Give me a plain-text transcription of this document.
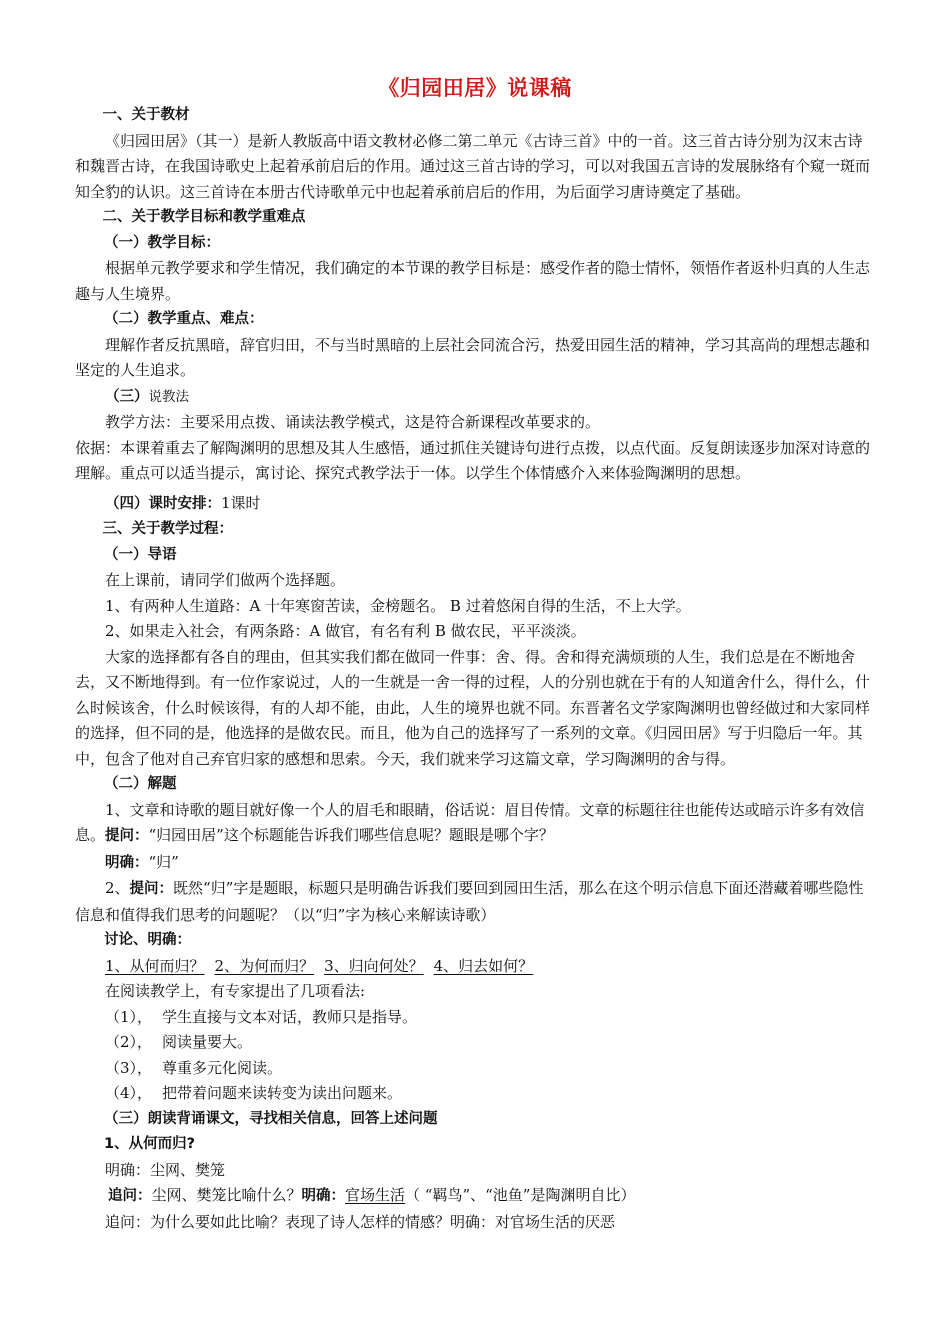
《归园田居》说课稿

一、关于教材

《归园田居》（其一）是新人教版高中语文教材必修二第二单元《古诗三首》中的一首。这三首古诗分别为汉末古诗和魏晋古诗，在我国诗歌史上起着承前启后的作用。通过这三首古诗的学习，可以对我国五言诗的发展脉络有个窥一斑而知全豹的认识。这三首诗在本册古代诗歌单元中也起着承前启后的作用，为后面学习唐诗奠定了基础。

二、关于教学目标和教学重难点

（一）教学目标：

根据单元教学要求和学生情况，我们确定的本节课的教学目标是：感受作者的隐士情怀，领悟作者返朴归真的人生志趣与人生境界。

（二）教学重点、难点：

理解作者反抗黑暗，辞官归田，不与当时黑暗的上层社会同流合污，热爱田园生活的精神，学习其高尚的理想志趣和坚定的人生追求。

（三）说教法

教学方法：主要采用点拨、诵读法教学模式，这是符合新课程改革要求的。

依据：本课着重去了解陶渊明的思想及其人生感悟，通过抓住关键诗句进行点拨，以点代面。反复朗读逐步加深对诗意的理解。重点可以适当提示，寓讨论、探究式教学法于一体。以学生个体情感介入来体验陶渊明的思想。

（四）课时安排：1课时

三、关于教学过程：

（一）导语

在上课前，请同学们做两个选择题。

1、有两种人生道路：A 十年寒窗苦读，金榜题名。 B 过着悠闲自得的生活，不上大学。

2、如果走入社会，有两条路：A 做官，有名有利 B 做农民，平平淡淡。

大家的选择都有各自的理由，但其实我们都在做同一件事：舍、得。舍和得充满烦琐的人生，我们总是在不断地舍去，又不断地得到。有一位作家说过，人的一生就是一舍一得的过程，人的分别也就在于有的人知道舍什么，得什么，什么时候该舍，什么时候该得，有的人却不能，由此，人生的境界也就不同。东晋著名文学家陶渊明也曾经做过和大家同样的选择，但不同的是，他选择的是做农民。而且，他为自己的选择写了一系列的文章。《归园田居》写于归隐后一年。其中，包含了他对自己弃官归家的感想和思索。今天，我们就来学习这篇文章，学习陶渊明的舍与得。

（二）解题

1、文章和诗歌的题目就好像一个人的眉毛和眼睛，俗话说：眉目传情。文章的标题往往也能传达或暗示许多有效信息。提问：“归园田居”这个标题能告诉我们哪些信息呢？题眼是哪个字？

明确：“归”

2、提问：既然“归”字是题眼，标题只是明确告诉我们要回到园田生活，那么在这个明示信息下面还潜藏着哪些隐性信息和值得我们思考的问题呢？（以“归”字为核心来解读诗歌）

讨论、明确：

1、从何而归？ 2、为何而归？ 3、归向何处？ 4、归去如何？

在阅读教学上，有专家提出了几项看法:

（1）， 学生直接与文本对话，教师只是指导。

（2）， 阅读量要大。

（3）， 尊重多元化阅读。

（4）， 把带着问题来读转变为读出问题来。

（三）朗读背诵课文，寻找相关信息，回答上述问题

1、从何而归?

明确：尘网、樊笼

追问：尘网、樊笼比喻什么？明确：官场生活（ “羁鸟”、“池鱼”是陶渊明自比）

追问：为什么要如此比喻？表现了诗人怎样的情感？明确：对官场生活的厌恶
